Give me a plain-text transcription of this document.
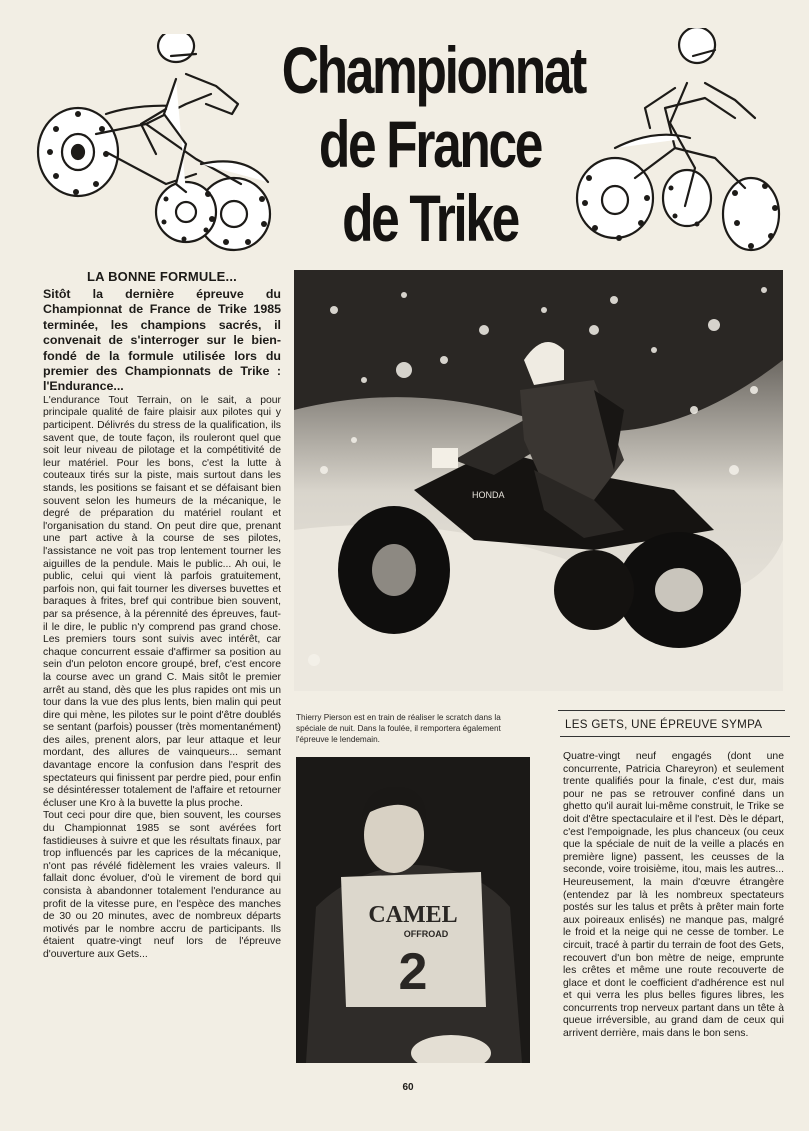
Championnat
de France
de Trike

LA BONNE FORMULE...

Sitôt la dernière épreuve du Championnat de France de Trike 1985 terminée, les champions sacrés, il convenait de s'interroger sur le bien-fondé de la formule utilisée lors du premier des Championnats de Trike : l'Endurance...

L'endurance Tout Terrain, on le sait, a pour principale qualité de faire plaisir aux pilotes qui y participent. Délivrés du stress de la qualification, ils savent que, de toute façon, ils rouleront quel que soit leur niveau de pilotage et la compétitivité de leur matériel. Pour les bons, c'est la lutte à couteaux tirés sur la piste, mais surtout dans les stands, les positions se faisant et se défaisant bien souvent selon les humeurs de la mécanique, le degré de préparation du matériel roulant et l'organisation du stand. On peut dire que, prenant une part active à la course de ses pilotes, l'assistance ne voit pas trop lentement tourner les aiguilles de la pendule. Mais le public... Ah oui, le public, celui qui vient là parfois gratuitement, parfois non, qui fait tourner les diverses buvettes et baraques à frites, bref qui contribue bien souvent, par sa présence, à la pérennité des épreuves, faut-il le dire, le public n'y comprend pas grand chose. Les premiers tours sont suivis avec intérêt, car chaque concurrent essaie d'affirmer sa position au sein d'un peloton encore groupé, bref, c'est encore la course avec un grand C. Mais sitôt le premier arrêt au stand, dès que les plus rapides ont mis un tour dans la vue des plus lents, bien malin qui peut dire qui mène, les pilotes sur le point d'être doublés se sentant (parfois) pousser (très momentanément) des ailes, prenent alors, par leur attaque et leur mordant, des allures de vainqueurs... semant davantage encore la confusion dans l'esprit des spectateurs qui finissent par perdre pied, pour enfin se désintéresser totalement de l'affaire et retourner écluser une Kro à la buvette la plus proche.

Tout ceci pour dire que, bien souvent, les courses du Championnat 1985 se sont avérées fort fastidieuses à suivre et que les résultats finaux, par trop influencés par les caprices de la mécanique, n'ont pas révélé fidèlement les vraies valeurs. Il fallait donc évoluer, d'où le virement de bord qui consista à abandonner totalement l'endurance au profit de la vitesse pure, en l'espèce des manches de 30 ou 20 minutes, avec de nombreux départs motivés par le nombre accru de participants. Ils étaient quatre-vingt neuf lors de l'épreuve d'ouverture aux Gets...

HONDA
Thierry Pierson est en train de réaliser le scratch dans la spéciale de nuit. Dans la foulée, il remportera également l'épreuve le lendemain.
CAMEL
OFFROAD
2
LES GETS, UNE ÉPREUVE SYMPA

Quatre-vingt neuf engagés (dont une concurrente, Patricia Chareyron) et seulement trente qualifiés pour la finale, c'est dur, mais pour ne pas se retrouver confiné dans un ghetto qu'il aurait lui-même construit, le Trike se doit d'être spectaculaire et il l'est. Dès le départ, c'est l'empoignade, les plus chanceux (ou ceux que la spéciale de nuit de la veille a placés en première ligne) passent, les ceusses de la seconde, voire troisième, itou, mais les autres... Heureusement, la main d'œuvre étrangère (entendez par là les nombreux spectateurs postés sur les talus et prêts à prêter main forte aux poireaux enlisés) ne manque pas, malgré le froid et la neige qui ne cesse de tomber. Le circuit, tracé à partir du terrain de foot des Gets, recouvert d'un bon mètre de neige, emprunte les crêtes et même une route recouverte de glace et dont le coefficient d'adhérence est nul et qui verra les plus belles figures libres, les concurrents trop nerveux partant dans un tête à queue irréversible, au grand dam de ceux qui arrivent derrière, mais dans le bon sens.

60
